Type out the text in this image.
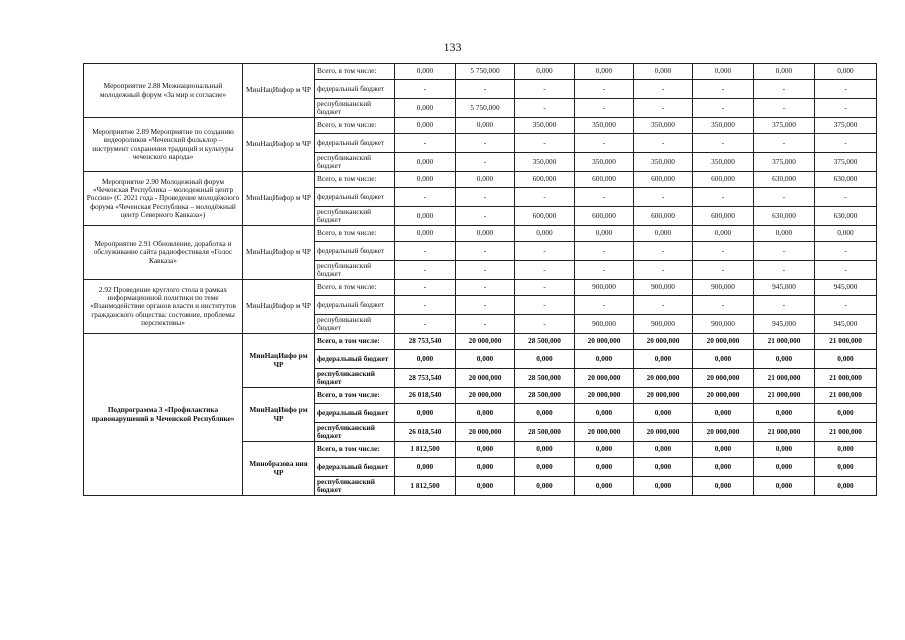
133
Мероприятие 2.88 Межнациональный молодежный форум «За мир и согласие»	МинНацИнфор м ЧР	Всего, в том числе:	0,000	5 750,000	0,000	0,000	0,000	0,000	0,000	0,000
		федеральный бюджет	-	-	-	-	-	-	-	-
		республиканский бюджет	0,000	5 750,000	-	-	-	-	-	-
Мероприятие 2.89 Мероприятие по созданию видеороликов «Чеченский фольклор – инструмент сохранения традиций и культуры чеченского народа»	МинНацИнфор м ЧР	Всего, в том числе:	0,000	0,000	350,000	350,000	350,000	350,000	375,000	375,000
		федеральный бюджет	-	-	-	-	-	-	-	-
		республиканский бюджет	0,000	-	350,000	350,000	350,000	350,000	375,000	375,000
Мероприятие 2.90 Молодежный форум «Чеченская Республика – молодежный центр России» (С 2021 года - Проведение молодёжного форума «Чеченская Республика – молодёжный центр Северного Кавказа»)	МинНацИнфор м ЧР	Всего, в том числе:	0,000	0,000	600,000	600,000	600,000	600,000	630,000	630,000
		федеральный бюджет	-	-	-	-	-	-	-	-
		республиканский бюджет	0,000	-	600,000	600,000	600,000	600,000	630,000	630,000
Мероприятие 2.91 Обновление, доработка и обслуживание сайта радиофестиваля «Голос Кавказа»	МинНацИнфор м ЧР	Всего, в том числе:	0,000	0,000	0,000	0,000	0,000	0,000	0,000	0,000
		федеральный бюджет	-	-	-	-	-	-	-	-
		республиканский бюджет	-	-	-	-	-	-	-	-
2.92 Проведение круглого стола в рамках информационной политики по теме «Взаимодействие органов власти и институтов гражданского общества: состояние, проблемы перспективы»	МинНацИнфор м ЧР	Всего, в том числе:	-	-	-	900,000	900,000	900,000	945,000	945,000
		федеральный бюджет	-	-	-	-	-	-	-	-
		республиканский бюджет	-	-	-	900,000	900,000	900,000	945,000	945,000
Подпрограмма 3 «Профилактика правонарушений в Чеченской Республике»	МинНацИнфо рм ЧР	Всего, в том числе:	28 753,540	20 000,000	28 500,000	20 000,000	20 000,000	20 000,000	21 000,000	21 000,000
		федеральный бюджет	0,000	0,000	0,000	0,000	0,000	0,000	0,000	0,000
		республиканский бюджет	28 753,540	20 000,000	28 500,000	20 000,000	20 000,000	20 000,000	21 000,000	21 000,000
	МинНацИнфо рм ЧР	Всего, в том числе:	26 018,540	20 000,000	28 500,000	20 000,000	20 000,000	20 000,000	21 000,000	21 000,000
		федеральный бюджет	0,000	0,000	0,000	0,000	0,000	0,000	0,000	0,000
		республиканский бюджет	26 018,540	20 000,000	28 500,000	20 000,000	20 000,000	20 000,000	21 000,000	21 000,000
	Минобразова ния ЧР	Всего, в том числе:	1 812,500	0,000	0,000	0,000	0,000	0,000	0,000	0,000
		федеральный бюджет	0,000	0,000	0,000	0,000	0,000	0,000	0,000	0,000
		республиканский бюджет	1 812,500	0,000	0,000	0,000	0,000	0,000	0,000	0,000
